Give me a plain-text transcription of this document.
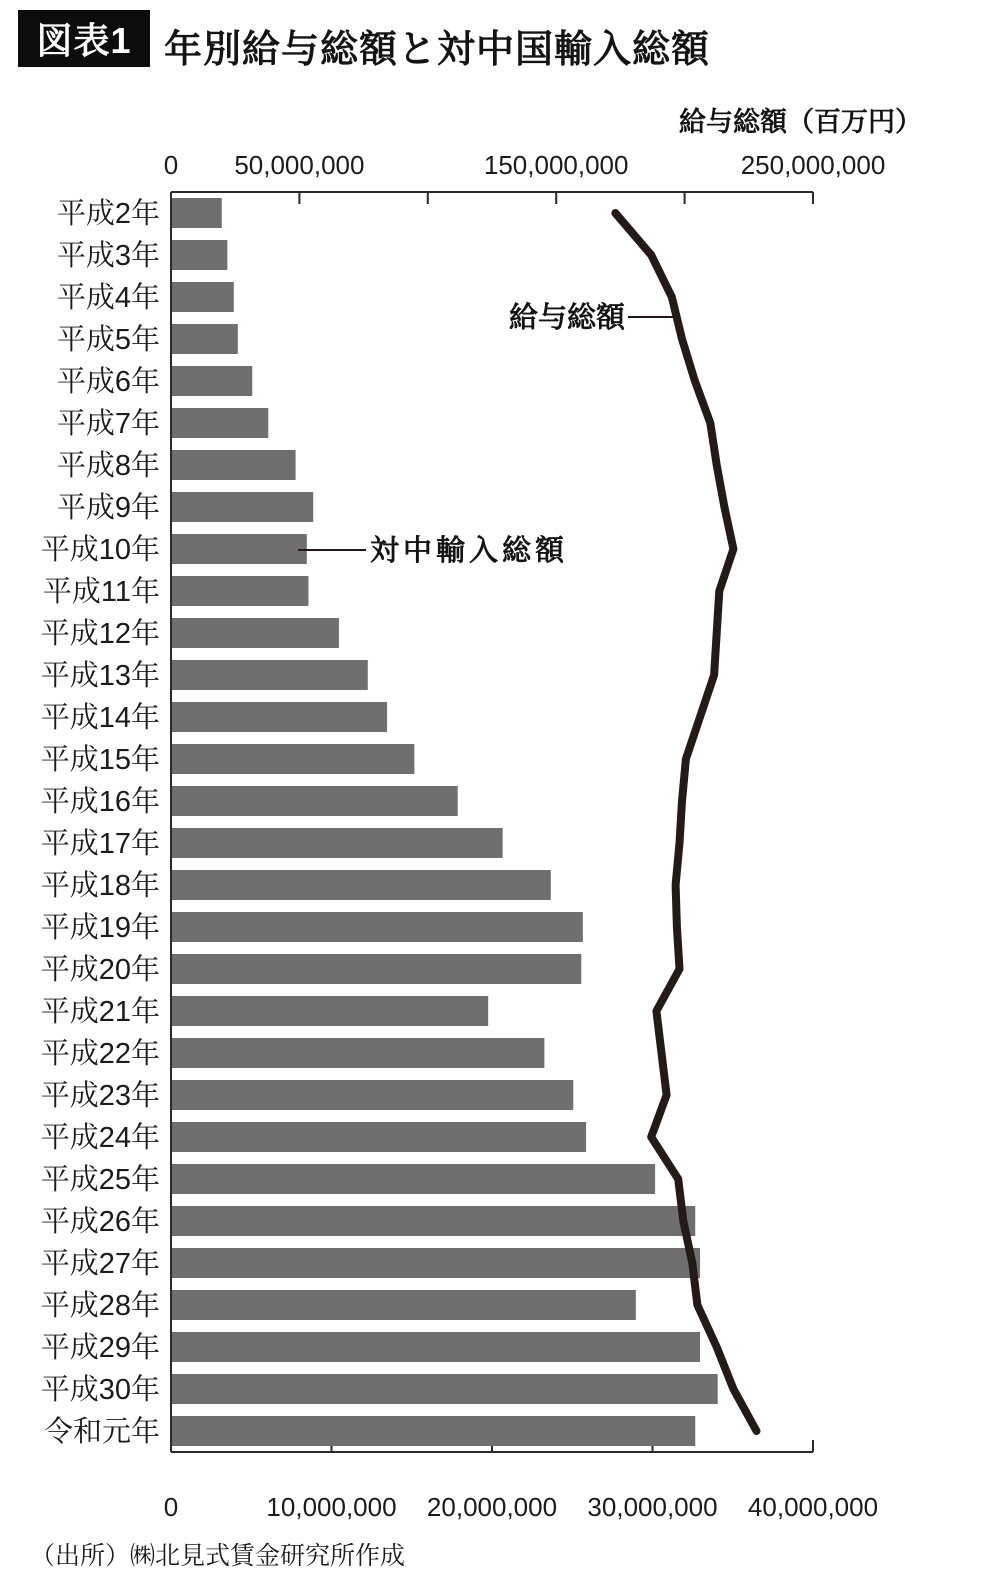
図表1 年別給与総額と対中国輸入総額
給与総額（百万円）
0 50,000,000	150,000,000	250,000,000
0	10,000,000 20,000,000 30,000,000 40,000,000
平成2年
平成3年
平成4年
平成5年
平成6年
平成7年
平成8年
平成9年
平成10年
平成11年
平成12年
平成13年
平成14年
平成15年
平成16年
平成17年
平成18年
平成19年
平成20年
平成21年
平成22年
平成23年
平成24年
平成25年
平成26年
平成27年
平成28年
平成29年
平成30年
令和元年
給与総額
対中輸入総額
（出所）㈱北見式賃金研究所作成
